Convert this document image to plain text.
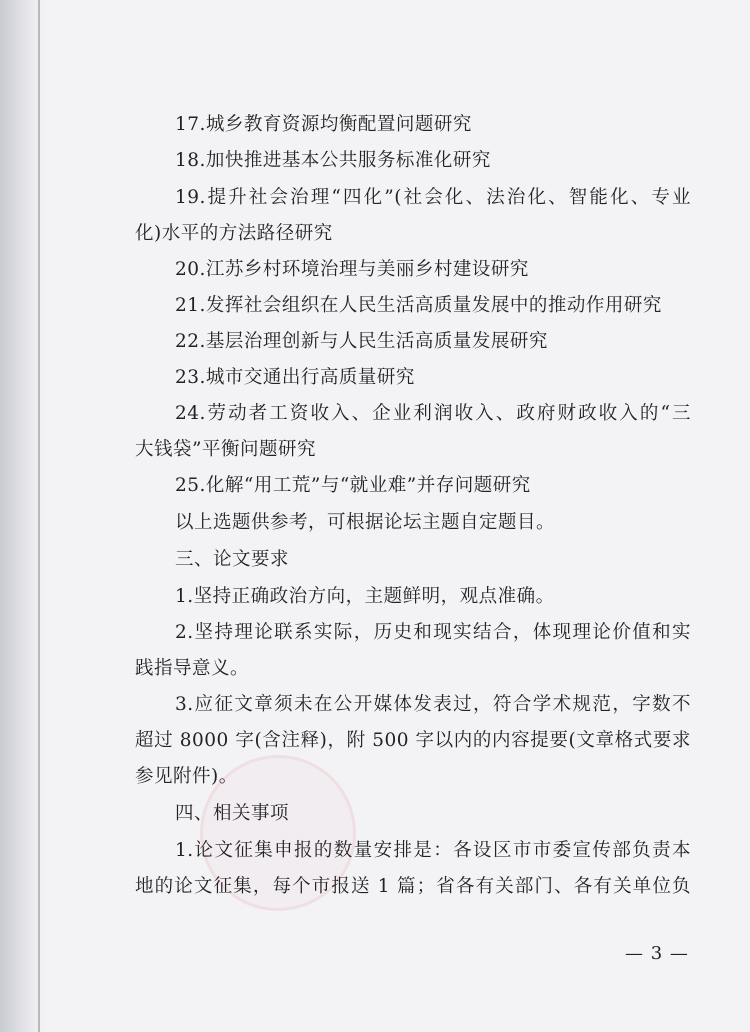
17.城乡教育资源均衡配置问题研究
18.加快推进基本公共服务标准化研究
19.提升社会治理“四化”(社会化、法治化、智能化、专业
化)水平的方法路径研究
20.江苏乡村环境治理与美丽乡村建设研究
21.发挥社会组织在人民生活高质量发展中的推动作用研究
22.基层治理创新与人民生活高质量发展研究
23.城市交通出行高质量研究
24.劳动者工资收入、企业利润收入、政府财政收入的“三
大钱袋”平衡问题研究
25.化解“用工荒”与“就业难”并存问题研究
以上选题供参考，可根据论坛主题自定题目。
三、论文要求
1.坚持正确政治方向，主题鲜明，观点准确。
2.坚持理论联系实际，历史和现实结合，体现理论价值和实
践指导意义。
3.应征文章须未在公开媒体发表过，符合学术规范，字数不
超过 8000 字(含注释)，附 500 字以内的内容提要(文章格式要求
参见附件)。
四、相关事项
1.论文征集申报的数量安排是：各设区市市委宣传部负责本
地的论文征集，每个市报送 1 篇；省各有关部门、各有关单位负
— 3 —
